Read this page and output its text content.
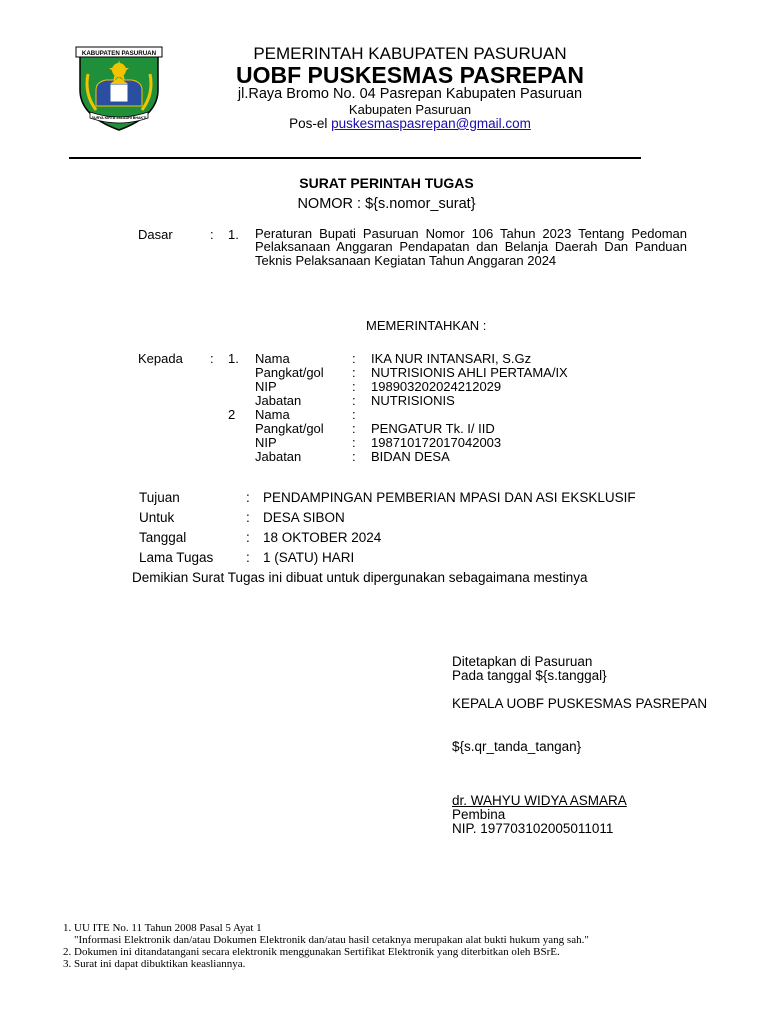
KABUPATEN PASURUAN
SURYA KIRTA JALADHI BHAKTI
PEMERINTAH KABUPATEN PASURUAN
UOBF PUSKESMAS PASREPAN
jl.Raya Bromo No. 04 Pasrepan Kabupaten Pasuruan
Kabupaten Pasuruan
Pos-el puskesmaspasrepan@gmail.com
SURAT PERINTAH TUGAS
NOMOR : ${s.nomor_surat}
Dasar	: 1. Peraturan Bupati Pasuruan Nomor 106 Tahun 2023 Tentang Pedoman Pelaksanaan Anggaran Pendapatan dan Belanja Daerah Dan Panduan Teknis Pelaksanaan Kegiatan Tahun Anggaran 2024
MEMERINTAHKAN :
Kepada : 1. Nama	: IKA NUR INTANSARI, S.Gz
Pangkat/gol : NUTRISIONIS AHLI PERTAMA/IX
NIP	: 198903202024212029
Jabatan	: NUTRISIONIS
2 Nama	:
Pangkat/gol : PENGATUR Tk. I/ IID
NIP	: 198710172017042003
Jabatan	: BIDAN DESA
Tujuan	: PENDAMPINGAN PEMBERIAN MPASI DAN ASI EKSKLUSIF
Untuk	: DESA SIBON
Tanggal	: 18 OKTOBER 2024
Lama Tugas : 1 (SATU) HARI
Demikian Surat Tugas ini dibuat untuk dipergunakan sebagaimana mestinya
Ditetapkan di Pasuruan
Pada tanggal ${s.tanggal}
KEPALA UOBF PUSKESMAS PASREPAN
${s.qr_tanda_tangan}
dr. WAHYU WIDYA ASMARA
Pembina
NIP. 197703102005011011
1. UU ITE No. 11 Tahun 2008 Pasal 5 Ayat 1
"Informasi Elektronik dan/atau Dokumen Elektronik dan/atau hasil cetaknya merupakan alat bukti hukum yang sah."
2. Dokumen ini ditandatangani secara elektronik menggunakan Sertifikat Elektronik yang diterbitkan oleh BSrE.
3. Surat ini dapat dibuktikan keasliannya.
